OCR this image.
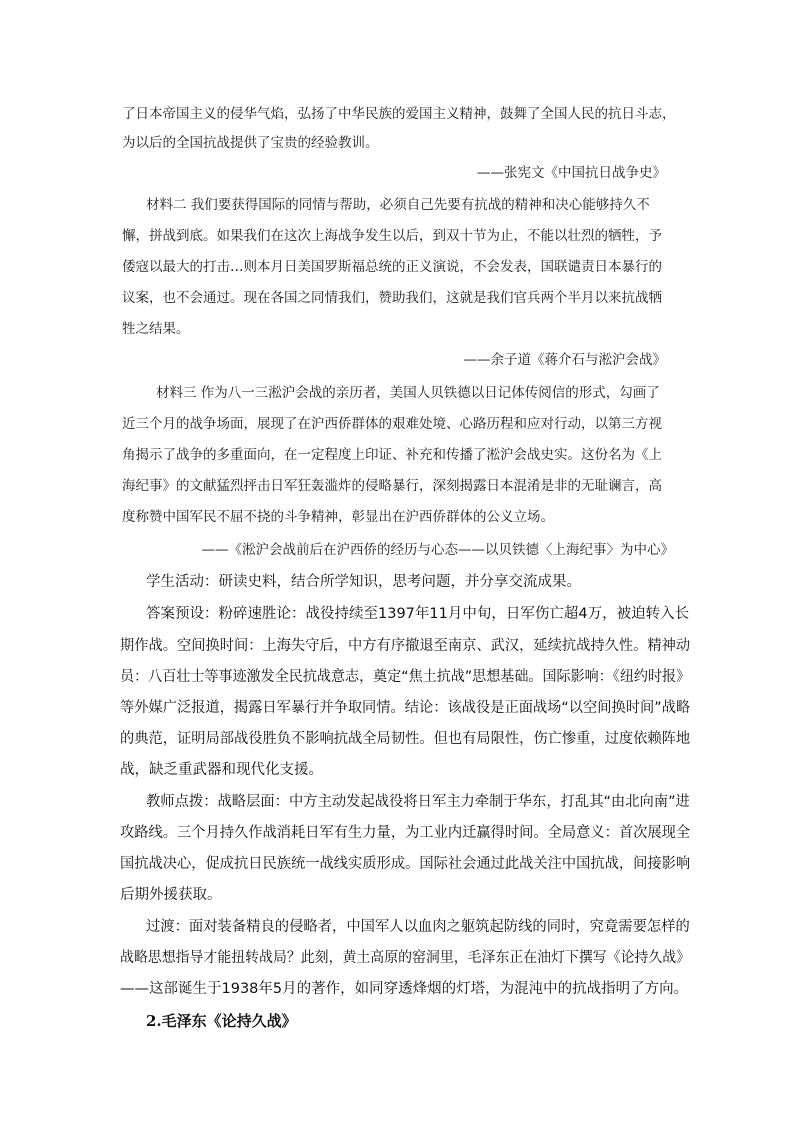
了日本帝国主义的侵华气焰，弘扬了中华民族的爱国主义精神，鼓舞了全国人民的抗日斗志，
为以后的全国抗战提供了宝贵的经验教训。
——张宪文《中国抗日战争史》
材料二 我们要获得国际的同情与帮助，必须自己先要有抗战的精神和决心能够持久不
懈，拼战到底。如果我们在这次上海战争发生以后，到双十节为止，不能以壮烈的牺牲，予
倭寇以最大的打击…则本月日美国罗斯福总统的正义演说，不会发表，国联谴责日本暴行的
议案，也不会通过。现在各国之同情我们，赞助我们，这就是我们官兵两个半月以来抗战牺
牲之结果。
——余子道《蒋介石与淞沪会战》
材料三 作为八一三淞沪会战的亲历者，美国人贝铁德以日记体传阅信的形式，勾画了
近三个月的战争场面，展现了在沪西侨群体的艰难处境、心路历程和应对行动，以第三方视
角揭示了战争的多重面向，在一定程度上印证、补充和传播了淞沪会战史实。这份名为《上
海纪事》的文献猛烈抨击日军狂轰滥炸的侵略暴行，深刻揭露日本混淆是非的无耻谰言，高
度称赞中国军民不屈不挠的斗争精神，彰显出在沪西侨群体的公义立场。
——《淞沪会战前后在沪西侨的经历与心态——以贝铁德〈上海纪事〉为中心》
学生活动：研读史料，结合所学知识，思考问题，并分享交流成果。
答案预设：粉碎速胜论：战役持续至1397年11月中旬，日军伤亡超4万，被迫转入长
期作战。空间换时间：上海失守后，中方有序撤退至南京、武汉，延续抗战持久性。精神动
员：八百壮士等事迹激发全民抗战意志，奠定“焦土抗战”思想基础。国际影响：《纽约时报》
等外媒广泛报道，揭露日军暴行并争取同情。结论：该战役是正面战场“以空间换时间”战略
的典范，证明局部战役胜负不影响抗战全局韧性。但也有局限性，伤亡惨重，过度依赖阵地
战，缺乏重武器和现代化支援。
教师点拨：战略层面：中方主动发起战役将日军主力牵制于华东，打乱其“由北向南”进
攻路线。三个月持久作战消耗日军有生力量，为工业内迁赢得时间。全局意义：首次展现全
国抗战决心，促成抗日民族统一战线实质形成。国际社会通过此战关注中国抗战，间接影响
后期外援获取。
过渡：面对装备精良的侵略者，中国军人以血肉之躯筑起防线的同时，究竟需要怎样的
战略思想指导才能扭转战局？此刻，黄土高原的窑洞里，毛泽东正在油灯下撰写《论持久战》
——这部诞生于1938年5月的著作，如同穿透烽烟的灯塔，为混沌中的抗战指明了方向。
2.毛泽东《论持久战》
